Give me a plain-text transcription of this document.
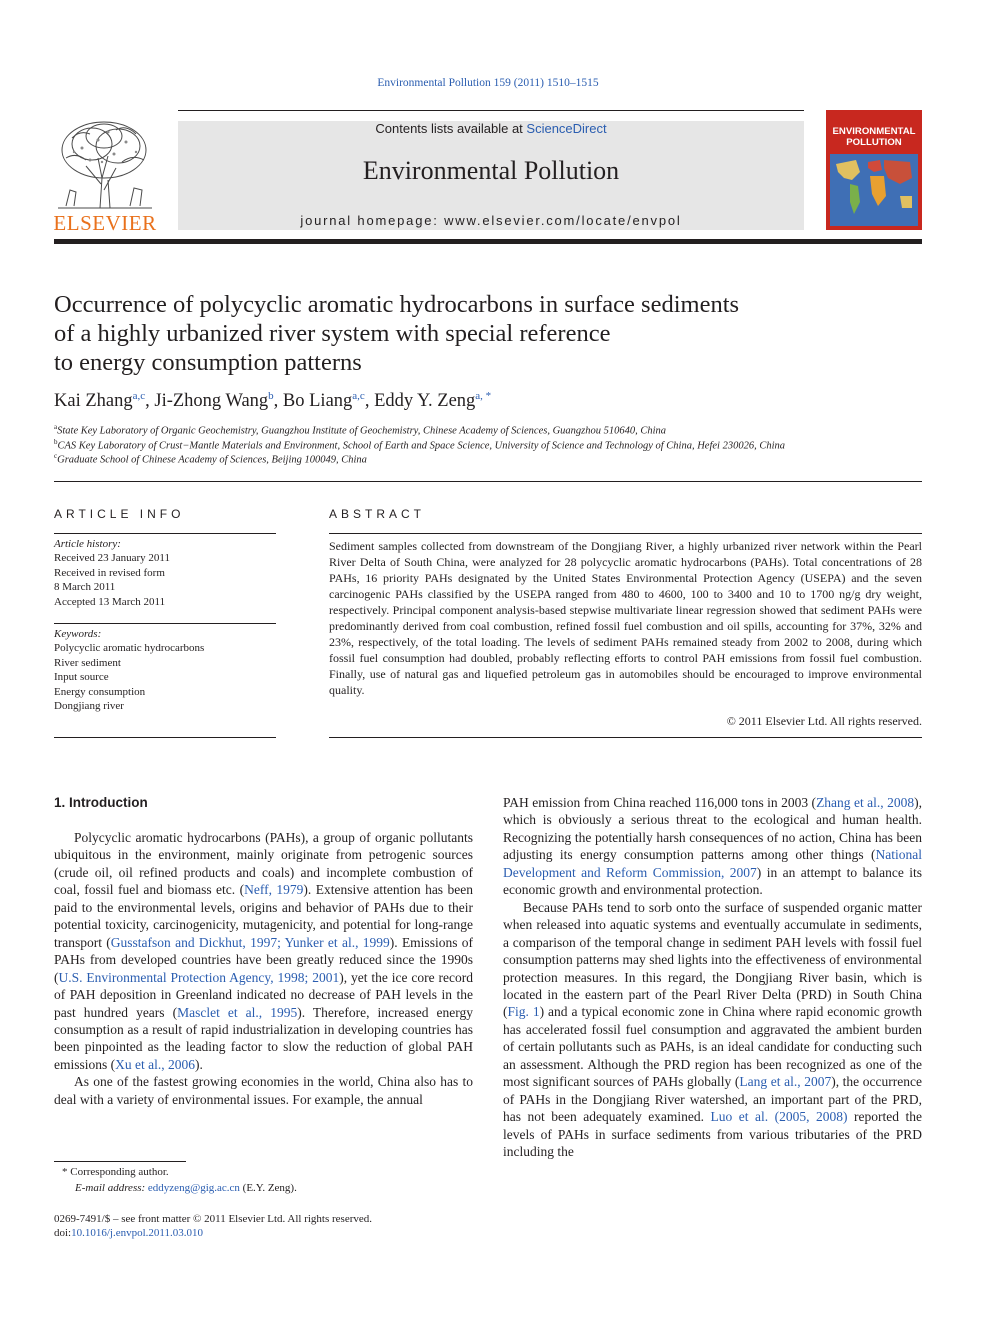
Environmental Pollution 159 (2011) 1510–1515
ELSEVIER
Contents lists available at ScienceDirect
Environmental Pollution
journal homepage: www.elsevier.com/locate/envpol
ENVIRONMENTAL
POLLUTION
Occurrence of polycyclic aromatic hydrocarbons in surface sediments
of a highly urbanized river system with special reference
to energy consumption patterns
Kai Zhang$^{a,c}$, Ji-Zhong Wang$^b$, Bo Liang$^{a,c}$, Eddy Y. Zeng$^{a, *}$
$^a$State Key Laboratory of Organic Geochemistry, Guangzhou Institute of Geochemistry, Chinese Academy of Sciences, Guangzhou 510640, China
$^b$CAS Key Laboratory of Crust−Mantle Materials and Environment, School of Earth and Space Science, University of Science and Technology of China, Hefei 230026, China
$^c$Graduate School of Chinese Academy of Sciences, Beijing 100049, China
ARTICLE INFO
Article history:
Received 23 January 2011
Received in revised form
8 March 2011
Accepted 13 March 2011
Keywords:
Polycyclic aromatic hydrocarbons
River sediment
Input source
Energy consumption
Dongjiang river
ABSTRACT
Sediment samples collected from downstream of the Dongjiang River, a highly urbanized river network within the Pearl River Delta of South China, were analyzed for 28 polycyclic aromatic hydrocarbons (PAHs). Total concentrations of 28 PAHs, 16 priority PAHs designated by the United States Environmental Protection Agency (USEPA) and the seven carcinogenic PAHs classified by the USEPA ranged from 480 to 4600, 100 to 3400 and 10 to 1700 ng/g dry weight, respectively. Principal component analysis-based stepwise multivariate linear regression showed that sediment PAHs were predominantly derived from coal combustion, refined fossil fuel combustion and oil spills, accounting for 37%, 32% and 23%, respectively, of the total loading. The levels of sediment PAHs remained steady from 2002 to 2008, during which fossil fuel consumption had doubled, probably reflecting efforts to control PAH emissions from fossil fuel combustion. Finally, use of natural gas and liquefied petroleum gas in automobiles should be encouraged to improve environmental quality.
© 2011 Elsevier Ltd. All rights reserved.
1. Introduction

Polycyclic aromatic hydrocarbons (PAHs), a group of organic pollutants ubiquitous in the environment, mainly originate from petrogenic sources (crude oil, oil refined products and coals) and incomplete combustion of coal, fossil fuel and biomass etc. (Neff, 1979). Extensive attention has been paid to the environmental levels, origins and behavior of PAHs due to their potential toxicity, carcinogenicity, mutagenicity, and potential for long-range transport (Gusstafson and Dickhut, 1997; Yunker et al., 1999). Emissions of PAHs from developed countries have been greatly reduced since the 1990s (U.S. Environmental Protection Agency, 1998; 2001), yet the ice core record of PAH deposition in Greenland indicated no decrease of PAH levels in the past hundred years (Masclet et al., 1995). Therefore, increased energy consumption as a result of rapid industrialization in developing countries has been pinpointed as the leading factor to slow the reduction of global PAH emissions (Xu et al., 2006).

As one of the fastest growing economies in the world, China also has to deal with a variety of environmental issues. For example, the annual

PAH emission from China reached 116,000 tons in 2003 (Zhang et al., 2008), which is obviously a serious threat to the ecological and human health. Recognizing the potentially harsh consequences of no action, China has been adjusting its energy consumption patterns among other things (National Development and Reform Commission, 2007) in an attempt to balance its economic growth and environmental protection.

Because PAHs tend to sorb onto the surface of suspended organic matter when released into aquatic systems and eventually accumulate in sediments, a comparison of the temporal change in sediment PAH levels with fossil fuel consumption patterns may shed lights into the effectiveness of environmental protection measures. In this regard, the Dongjiang River basin, which is located in the eastern part of the Pearl River Delta (PRD) in South China (Fig. 1) and a typical economic zone in China where rapid economic growth has accelerated fossil fuel consumption and aggravated the ambient burden of certain pollutants such as PAHs, is an ideal candidate for conducting such an assessment. Although the PRD region has been recognized as one of the most significant sources of PAHs globally (Lang et al., 2007), the occurrence of PAHs in the Dongjiang River watershed, an important part of the PRD, has not been adequately examined. Luo et al. (2005, 2008) reported the levels of PAHs in surface sediments from various tributaries of the PRD including the

* Corresponding author.
E-mail address: eddyzeng@gig.ac.cn (E.Y. Zeng).
0269-7491/$ – see front matter © 2011 Elsevier Ltd. All rights reserved.
doi:10.1016/j.envpol.2011.03.010
